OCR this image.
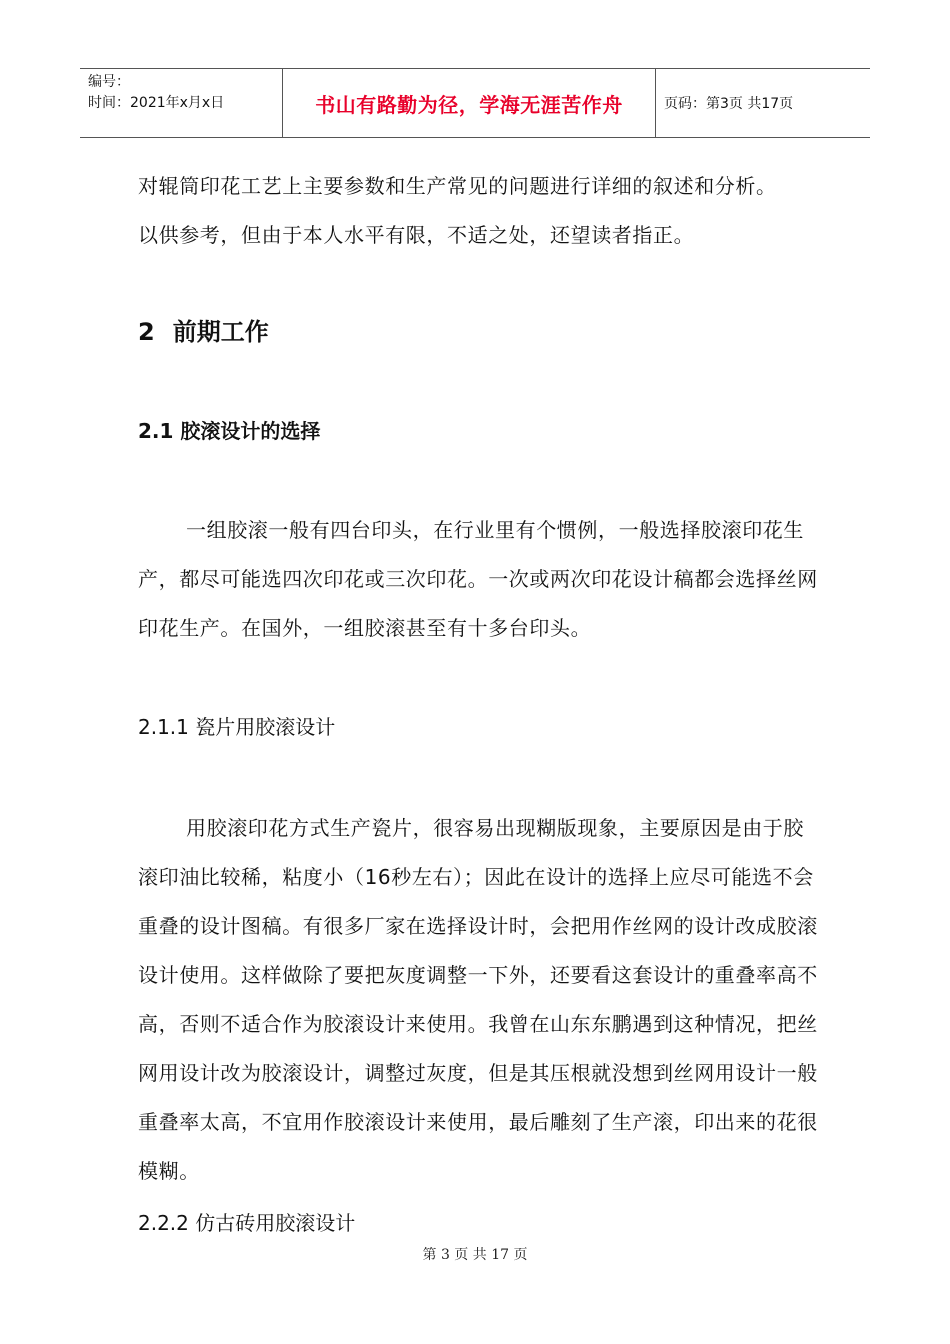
编号：
时间：2021年x月x日	书山有路勤为径，学海无涯苦作舟	页码：第3页 共17页
对辊筒印花工艺上主要参数和生产常见的问题进行详细的叙述和分析。
以供参考，但由于本人水平有限，不适之处，还望读者指正。
2 前期工作
2.1 胶滚设计的选择
一组胶滚一般有四台印头，在行业里有个惯例，一般选择胶滚印花生产，都尽可能选四次印花或三次印花。一次或两次印花设计稿都会选择丝网印花生产。在国外，一组胶滚甚至有十多台印头。
2.1.1 瓷片用胶滚设计
用胶滚印花方式生产瓷片，很容易出现糊版现象，主要原因是由于胶滚印油比较稀，粘度小（16秒左右）；因此在设计的选择上应尽可能选不会重叠的设计图稿。有很多厂家在选择设计时，会把用作丝网的设计改成胶滚设计使用。这样做除了要把灰度调整一下外，还要看这套设计的重叠率高不高，否则不适合作为胶滚设计来使用。我曾在山东东鹏遇到这种情况，把丝网用设计改为胶滚设计，调整过灰度，但是其压根就没想到丝网用设计一般重叠率太高，不宜用作胶滚设计来使用，最后雕刻了生产滚，印出来的花很模糊。
2.2.2 仿古砖用胶滚设计
第 3 页 共 17 页
